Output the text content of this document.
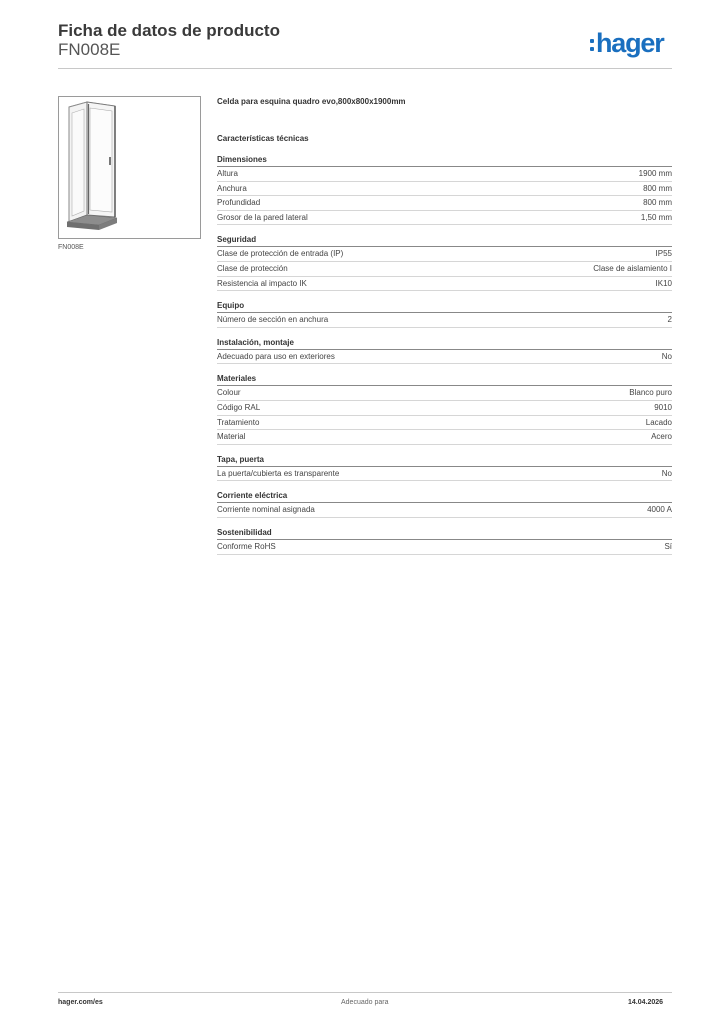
Ficha de datos de producto
FN008E	hager
FN008E
Celda para esquina quadro evo,800x800x1900mm
Características técnicas
Dimensiones
Altura	1900 mm
Anchura	800 mm
Profundidad	800 mm
Grosor de la pared lateral	1,50 mm
Seguridad
Clase de protección de entrada (IP)	IP55
Clase de protección	Clase de aislamiento I
Resistencia al impacto IK	IK10
Equipo
Número de sección en anchura	2
Instalación, montaje
Adecuado para uso en exteriores	No
Materiales
Colour	Blanco puro
Código RAL	9010
Tratamiento	Lacado
Material	Acero
Tapa, puerta
La puerta/cubierta es transparente	No
Corriente eléctrica
Corriente nominal asignada	4000 A
Sostenibilidad
Conforme RoHS	Sí
hager.com/es	Adecuado para	14.04.2026
